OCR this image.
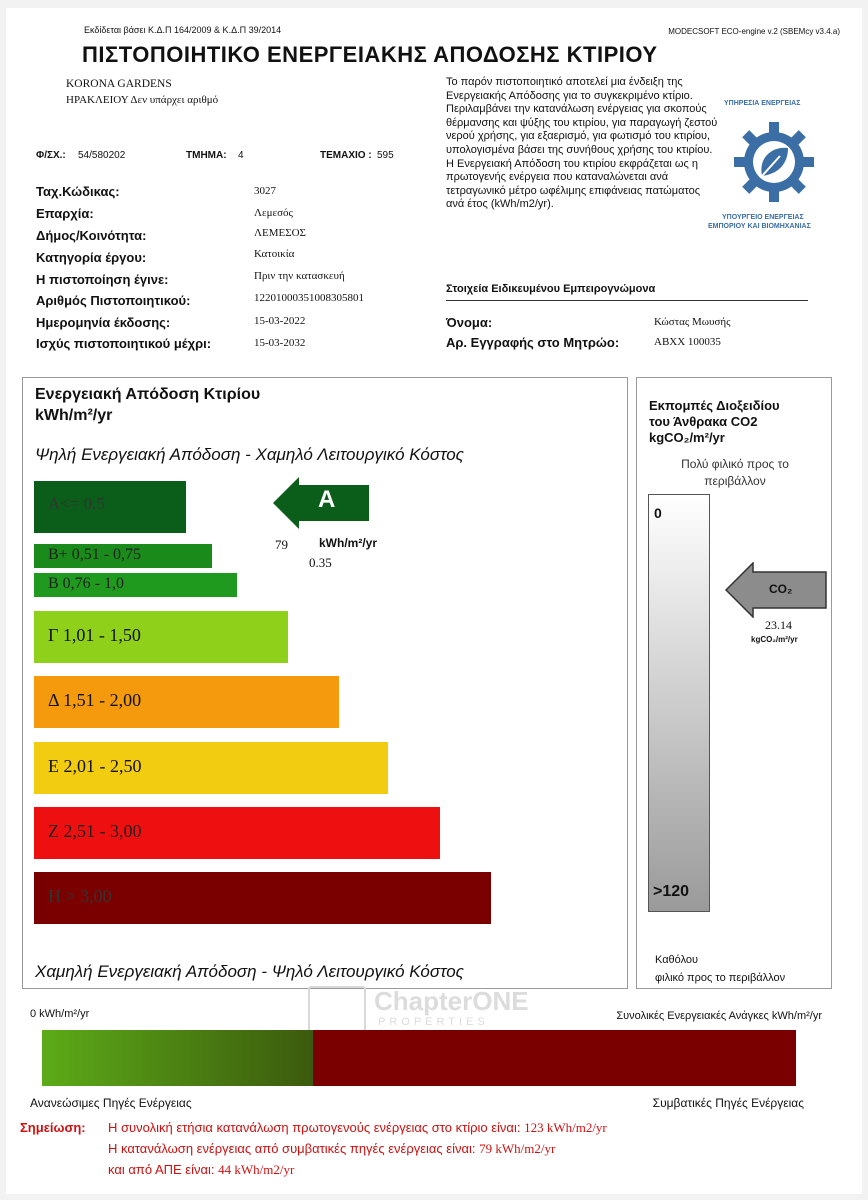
Εκδίδεται βάσει Κ.Δ.Π 164/2009 & Κ.Δ.Π 39/2014	MODECSOFT ECO-engine v.2 (SBEMcy v3.4.a)
ΠΙΣΤΟΠΟΙΗΤΙΚΟ ΕΝΕΡΓΕΙΑΚΗΣ ΑΠΟΔΟΣΗΣ ΚΤΙΡΙΟΥ
KORONA GARDENS
ΗΡΑΚΛΕΙΟΥ Δεν υπάρχει αριθμό
Φ/ΣΧ.: 54/580202	ΤΜΗΜΑ: 4	ΤΕΜΑΧΙΟ : 595
Ταχ.Κώδικας:	3027
Επαρχία:	Λεμεσός
Δήμος/Κοινότητα:	ΛΕΜΕΣΟΣ
Κατηγορία έργου:	Κατοικία
Η πιστοποίηση έγινε:	Πριν την κατασκευή
Αριθμός Πιστοποιητικού:	12201000351008305801
Ημερομηνία έκδοσης:	15-03-2022
Ισχύς πιστοποιητικού μέχρι:	15-03-2032
Το παρόν πιστοποιητικό αποτελεί μια ένδειξη της Ενεργειακής Απόδοσης για το συγκεκριμένο κτίριο. Περιλαμβάνει την κατανάλωση ενέργειας για σκοπούς θέρμανσης και ψύξης του κτιρίου, για παραγωγή ζεστού νερού χρήσης, για εξαερισμό, για φωτισμό του κτιρίου, υπολογισμένα βάσει της συνήθους χρήσης του κτιρίου. Η Ενεργειακή Απόδοση του κτιρίου εκφράζεται ως η πρωτογενής ενέργεια που καταναλώνεται ανά τετραγωνικό μέτρο ωφέλιμης επιφάνειας πατώματος ανά έτος (kWh/m2/yr).
Στοιχεία Ειδικευμένου Εμπειρογνώμονα
Όνομα:	Κώστας Μωυσής
Αρ. Εγγραφής στο Μητρώο:	ABXX 100035
ΥΠΗΡΕΣΙΑ ΕΝΕΡΓΕΙΑΣ
ΥΠΟΥΡΓΕΙΟ ΕΝΕΡΓΕΙΑΣ
ΕΜΠΟΡΙΟΥ ΚΑΙ ΒΙΟΜΗΧΑΝΙΑΣ
Ενεργειακή Απόδοση Κτιρίου
kWh/m²/yr
Ψηλή Ενεργειακή Απόδοση - Χαμηλό Λειτουργικό Κόστος
A<= 0.5
B+ 0,51 - 0,75
B 0,76 - 1,0
Γ 1,01 - 1,50
Δ 1,51 - 2,00
E 2,01 - 2,50
Z 2,51 - 3,00
H > 3,00
A
79	kWh/m²/yr
0.35
Χαμηλή Ενεργειακή Απόδοση - Ψηλό Λειτουργικό Κόστος
Εκπομπές Διοξειδίου
του Άνθρακα CO2
kgCO₂/m²/yr
Πολύ φιλικό προς το περιβάλλον
0
>120
CO₂
23.14
kgCO₂/m²/yr
Καθόλου
φιλικό προς το περιβάλλον
0 kWh/m²/yr	Συνολικές Ενεργειακές Ανάγκες kWh/m²/yr
ChapterONE
PROPERTIES
Ανανεώσιμες Πηγές Ενέργειας	Συμβατικές Πηγές Ενέργειας
Σημείωση: Η συνολική ετήσια κατανάλωση πρωτογενούς ενέργειας στο κτίριο είναι: 123 kWh/m2/yr
Η κατανάλωση ενέργειας από συμβατικές πηγές ενέργειας είναι: 79 kWh/m2/yr
και από ΑΠΕ είναι: 44 kWh/m2/yr
